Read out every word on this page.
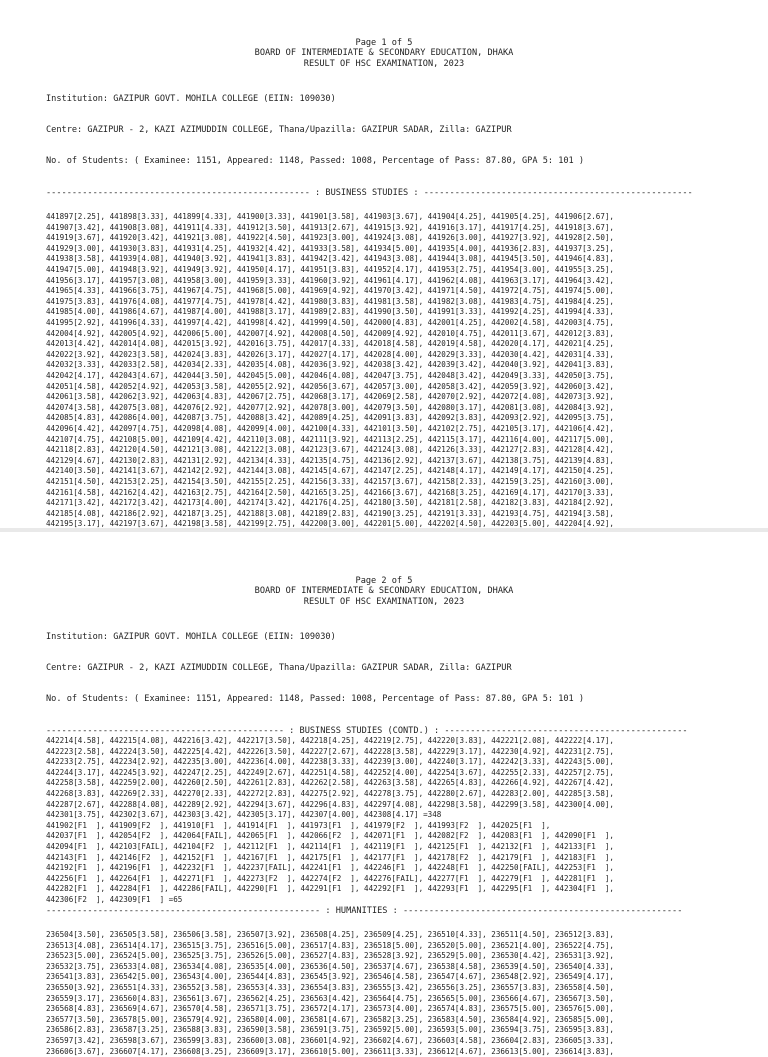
Page 1 of 5
BOARD OF INTERMEDIATE & SECONDARY EDUCATION, DHAKA
RESULT OF HSC EXAMINATION, 2023

Institution: GAZIPUR GOVT. MOHILA COLLEGE (EIIN: 109030)

Centre: GAZIPUR - 2, KAZI AZIMUDDIN COLLEGE, Thana/Upazilla: GAZIPUR SADAR, Zilla: GAZIPUR

No. of Students: ( Examinee: 1151, Appeared: 1148, Passed: 1008, Percentage of Pass: 87.80, GPA 5: 101 )

--------------------------------------------------- : BUSINESS STUDIES : ----------------------------------------------------
441897[2.25], 441898[3.33], 441899[4.33], 441900[3.33], 441901[3.58], 441903[3.67], 441904[4.25], 441905[4.25], 441906[2.67],
441907[3.42], 441908[3.08], 441911[4.33], 441912[3.50], 441913[2.67], 441915[3.92], 441916[3.17], 441917[4.25], 441918[3.67],
441919[3.67], 441920[3.42], 441921[3.08], 441922[4.50], 441923[3.00], 441924[3.08], 441926[3.00], 441927[3.92], 441928[2.50],
441929[3.00], 441930[3.83], 441931[4.25], 441932[4.42], 441933[3.58], 441934[5.00], 441935[4.00], 441936[2.83], 441937[3.25],
441938[3.58], 441939[4.08], 441940[3.92], 441941[3.83], 441942[3.42], 441943[3.08], 441944[3.08], 441945[3.50], 441946[4.83],
441947[5.00], 441948[3.92], 441949[3.92], 441950[4.17], 441951[3.83], 441952[4.17], 441953[2.75], 441954[3.00], 441955[3.25],
441956[3.17], 441957[3.08], 441958[3.00], 441959[3.33], 441960[3.92], 441961[4.17], 441962[4.08], 441963[3.17], 441964[3.42],
441965[4.33], 441966[3.75], 441967[4.75], 441968[5.00], 441969[4.92], 441970[3.42], 441971[4.50], 441972[4.75], 441974[5.00],
441975[3.83], 441976[4.08], 441977[4.75], 441978[4.42], 441980[3.83], 441981[3.58], 441982[3.08], 441983[4.75], 441984[4.25],
441985[4.00], 441986[4.67], 441987[4.00], 441988[3.17], 441989[2.83], 441990[3.50], 441991[3.33], 441992[4.25], 441994[4.33],
441995[2.92], 441996[4.33], 441997[4.42], 441998[4.42], 441999[4.50], 442000[4.83], 442001[4.25], 442002[4.58], 442003[4.75],
442004[4.92], 442005[4.92], 442006[5.00], 442007[4.92], 442008[4.50], 442009[4.92], 442010[4.75], 442011[3.67], 442012[3.83],
442013[4.42], 442014[4.08], 442015[3.92], 442016[3.75], 442017[4.33], 442018[4.58], 442019[4.58], 442020[4.17], 442021[4.25],
442022[3.92], 442023[3.58], 442024[3.83], 442026[3.17], 442027[4.17], 442028[4.00], 442029[3.33], 442030[4.42], 442031[4.33],
442032[3.33], 442033[2.58], 442034[2.33], 442035[4.08], 442036[3.92], 442038[3.42], 442039[3.42], 442040[3.92], 442041[3.83],
442042[4.17], 442043[4.67], 442044[3.50], 442045[5.00], 442046[4.08], 442047[3.75], 442048[3.42], 442049[3.33], 442050[3.75],
442051[4.58], 442052[4.92], 442053[3.58], 442055[2.92], 442056[3.67], 442057[3.00], 442058[3.42], 442059[3.92], 442060[3.42],
442061[3.58], 442062[3.92], 442063[4.83], 442067[2.75], 442068[3.17], 442069[2.58], 442070[2.92], 442072[4.08], 442073[3.92],
442074[3.58], 442075[3.08], 442076[2.92], 442077[2.92], 442078[3.00], 442079[3.50], 442080[3.17], 442081[3.08], 442084[3.92],
442085[4.83], 442086[4.00], 442087[3.75], 442088[3.42], 442089[4.25], 442091[3.83], 442092[3.83], 442093[2.92], 442095[3.75],
442096[4.42], 442097[4.75], 442098[4.08], 442099[4.00], 442100[4.33], 442101[3.50], 442102[2.75], 442105[3.17], 442106[4.42],
442107[4.75], 442108[5.00], 442109[4.42], 442110[3.08], 442111[3.92], 442113[2.25], 442115[3.17], 442116[4.00], 442117[5.00],
442118[2.83], 442120[4.50], 442121[3.08], 442122[3.08], 442123[3.67], 442124[3.08], 442126[3.33], 442127[2.83], 442128[4.42],
442129[4.67], 442130[2.83], 442131[2.92], 442134[4.33], 442135[4.75], 442136[2.92], 442137[3.67], 442138[3.75], 442139[4.83],
442140[3.50], 442141[3.67], 442142[2.92], 442144[3.08], 442145[4.67], 442147[2.25], 442148[4.17], 442149[4.17], 442150[4.25],
442151[4.50], 442153[2.25], 442154[3.50], 442155[2.25], 442156[3.33], 442157[3.67], 442158[2.33], 442159[3.25], 442160[3.00],
442161[4.58], 442162[4.42], 442163[2.75], 442164[2.50], 442165[3.25], 442166[3.67], 442168[3.25], 442169[4.17], 442170[3.33],
442171[3.42], 442172[3.42], 442173[4.00], 442174[3.42], 442176[4.25], 442180[3.50], 442181[2.58], 442182[3.83], 442184[2.92],
442185[4.08], 442186[2.92], 442187[3.25], 442188[3.08], 442189[2.83], 442190[3.25], 442191[3.33], 442193[4.75], 442194[3.58],
442195[3.17], 442197[3.67], 442198[3.58], 442199[2.75], 442200[3.00], 442201[5.00], 442202[4.50], 442203[5.00], 442204[4.92],
Page 2 of 5
BOARD OF INTERMEDIATE & SECONDARY EDUCATION, DHAKA
RESULT OF HSC EXAMINATION, 2023

Institution: GAZIPUR GOVT. MOHILA COLLEGE (EIIN: 109030)

Centre: GAZIPUR - 2, KAZI AZIMUDDIN COLLEGE, Thana/Upazilla: GAZIPUR SADAR, Zilla: GAZIPUR

No. of Students: ( Examinee: 1151, Appeared: 1148, Passed: 1008, Percentage of Pass: 87.80, GPA 5: 101 )

---------------------------------------------- : BUSINESS STUDIES (CONTD.) : -----------------------------------------------
442214[4.58], 442215[4.08], 442216[3.42], 442217[3.50], 442218[4.25], 442219[2.75], 442220[3.83], 442221[2.08], 442222[4.17],
442223[2.58], 442224[3.50], 442225[4.42], 442226[3.50], 442227[2.67], 442228[3.58], 442229[3.17], 442230[4.92], 442231[2.75],
442233[2.75], 442234[2.92], 442235[3.00], 442236[4.00], 442238[3.33], 442239[3.00], 442240[3.17], 442242[3.33], 442243[5.00],
442244[3.17], 442245[3.92], 442247[2.25], 442249[2.67], 442251[4.58], 442252[4.00], 442254[3.67], 442255[2.33], 442257[2.75],
442258[3.58], 442259[2.00], 442260[2.50], 442261[2.83], 442262[2.58], 442263[3.58], 442265[4.83], 442266[4.92], 442267[4.42],
442268[3.83], 442269[2.33], 442270[2.33], 442272[2.83], 442275[2.92], 442278[3.75], 442280[2.67], 442283[2.00], 442285[3.58],
442287[2.67], 442288[4.08], 442289[2.92], 442294[3.67], 442296[4.83], 442297[4.08], 442298[3.58], 442299[3.58], 442300[4.00],
442301[3.75], 442302[3.67], 442303[3.42], 442305[3.17], 442307[4.00], 442308[4.17] =348
441902[F1  ], 441909[F2  ], 441910[F1  ], 441914[F1  ], 441973[F1  ], 441979[F2  ], 441993[F2  ], 442025[F1  ],
442037[F1  ], 442054[F2  ], 442064[FAIL], 442065[F1  ], 442066[F2  ], 442071[F1  ], 442082[F2  ], 442083[F1  ], 442090[F1  ],
442094[F1  ], 442103[FAIL], 442104[F2  ], 442112[F1  ], 442114[F1  ], 442119[F1  ], 442125[F1  ], 442132[F1  ], 442133[F1  ],
442143[F1  ], 442146[F2  ], 442152[F1  ], 442167[F1  ], 442175[F1  ], 442177[F1  ], 442178[F2  ], 442179[F1  ], 442183[F1  ],
442192[F1  ], 442196[F1  ], 442232[F1  ], 442237[FAIL], 442241[F1  ], 442246[F1  ], 442248[F1  ], 442250[FAIL], 442253[F1  ],
442256[F1  ], 442264[F1  ], 442271[F1  ], 442273[F2  ], 442274[F2  ], 442276[FAIL], 442277[F1  ], 442279[F1  ], 442281[F1  ],
442282[F1  ], 442284[F1  ], 442286[FAIL], 442290[F1  ], 442291[F1  ], 442292[F1  ], 442293[F1  ], 442295[F1  ], 442304[F1  ],
442306[F2  ], 442309[F1  ] =65
----------------------------------------------------- : HUMANITIES : ------------------------------------------------------
236504[3.50], 236505[3.58], 236506[3.58], 236507[3.92], 236508[4.25], 236509[4.25], 236510[4.33], 236511[4.50], 236512[3.83],
236513[4.08], 236514[4.17], 236515[3.75], 236516[5.00], 236517[4.83], 236518[5.00], 236520[5.00], 236521[4.00], 236522[4.75],
236523[5.00], 236524[5.00], 236525[3.75], 236526[5.00], 236527[4.83], 236528[3.92], 236529[5.00], 236530[4.42], 236531[3.92],
236532[3.75], 236533[4.08], 236534[4.08], 236535[4.00], 236536[4.50], 236537[4.67], 236538[4.58], 236539[4.50], 236540[4.33],
236541[3.83], 236542[5.00], 236543[4.00], 236544[4.83], 236545[3.92], 236546[4.58], 236547[4.67], 236548[2.92], 236549[4.17],
236550[3.92], 236551[4.33], 236552[3.58], 236553[4.33], 236554[3.83], 236555[3.42], 236556[3.25], 236557[3.83], 236558[4.50],
236559[3.17], 236560[4.83], 236561[3.67], 236562[4.25], 236563[4.42], 236564[4.75], 236565[5.00], 236566[4.67], 236567[3.50],
236568[4.83], 236569[4.67], 236570[4.58], 236571[3.75], 236572[4.17], 236573[4.00], 236574[4.83], 236575[5.00], 236576[5.00],
236577[3.50], 236578[5.00], 236579[4.92], 236580[4.00], 236581[4.67], 236582[3.25], 236583[4.50], 236584[4.92], 236585[5.00],
236586[2.83], 236587[3.25], 236588[3.83], 236590[3.58], 236591[3.75], 236592[5.00], 236593[5.00], 236594[3.75], 236595[3.83],
236597[3.42], 236598[3.67], 236599[3.83], 236600[3.08], 236601[4.92], 236602[4.67], 236603[4.58], 236604[2.83], 236605[3.33],
236606[3.67], 236607[4.17], 236608[3.25], 236609[3.17], 236610[5.00], 236611[3.33], 236612[4.67], 236613[5.00], 236614[3.83],
